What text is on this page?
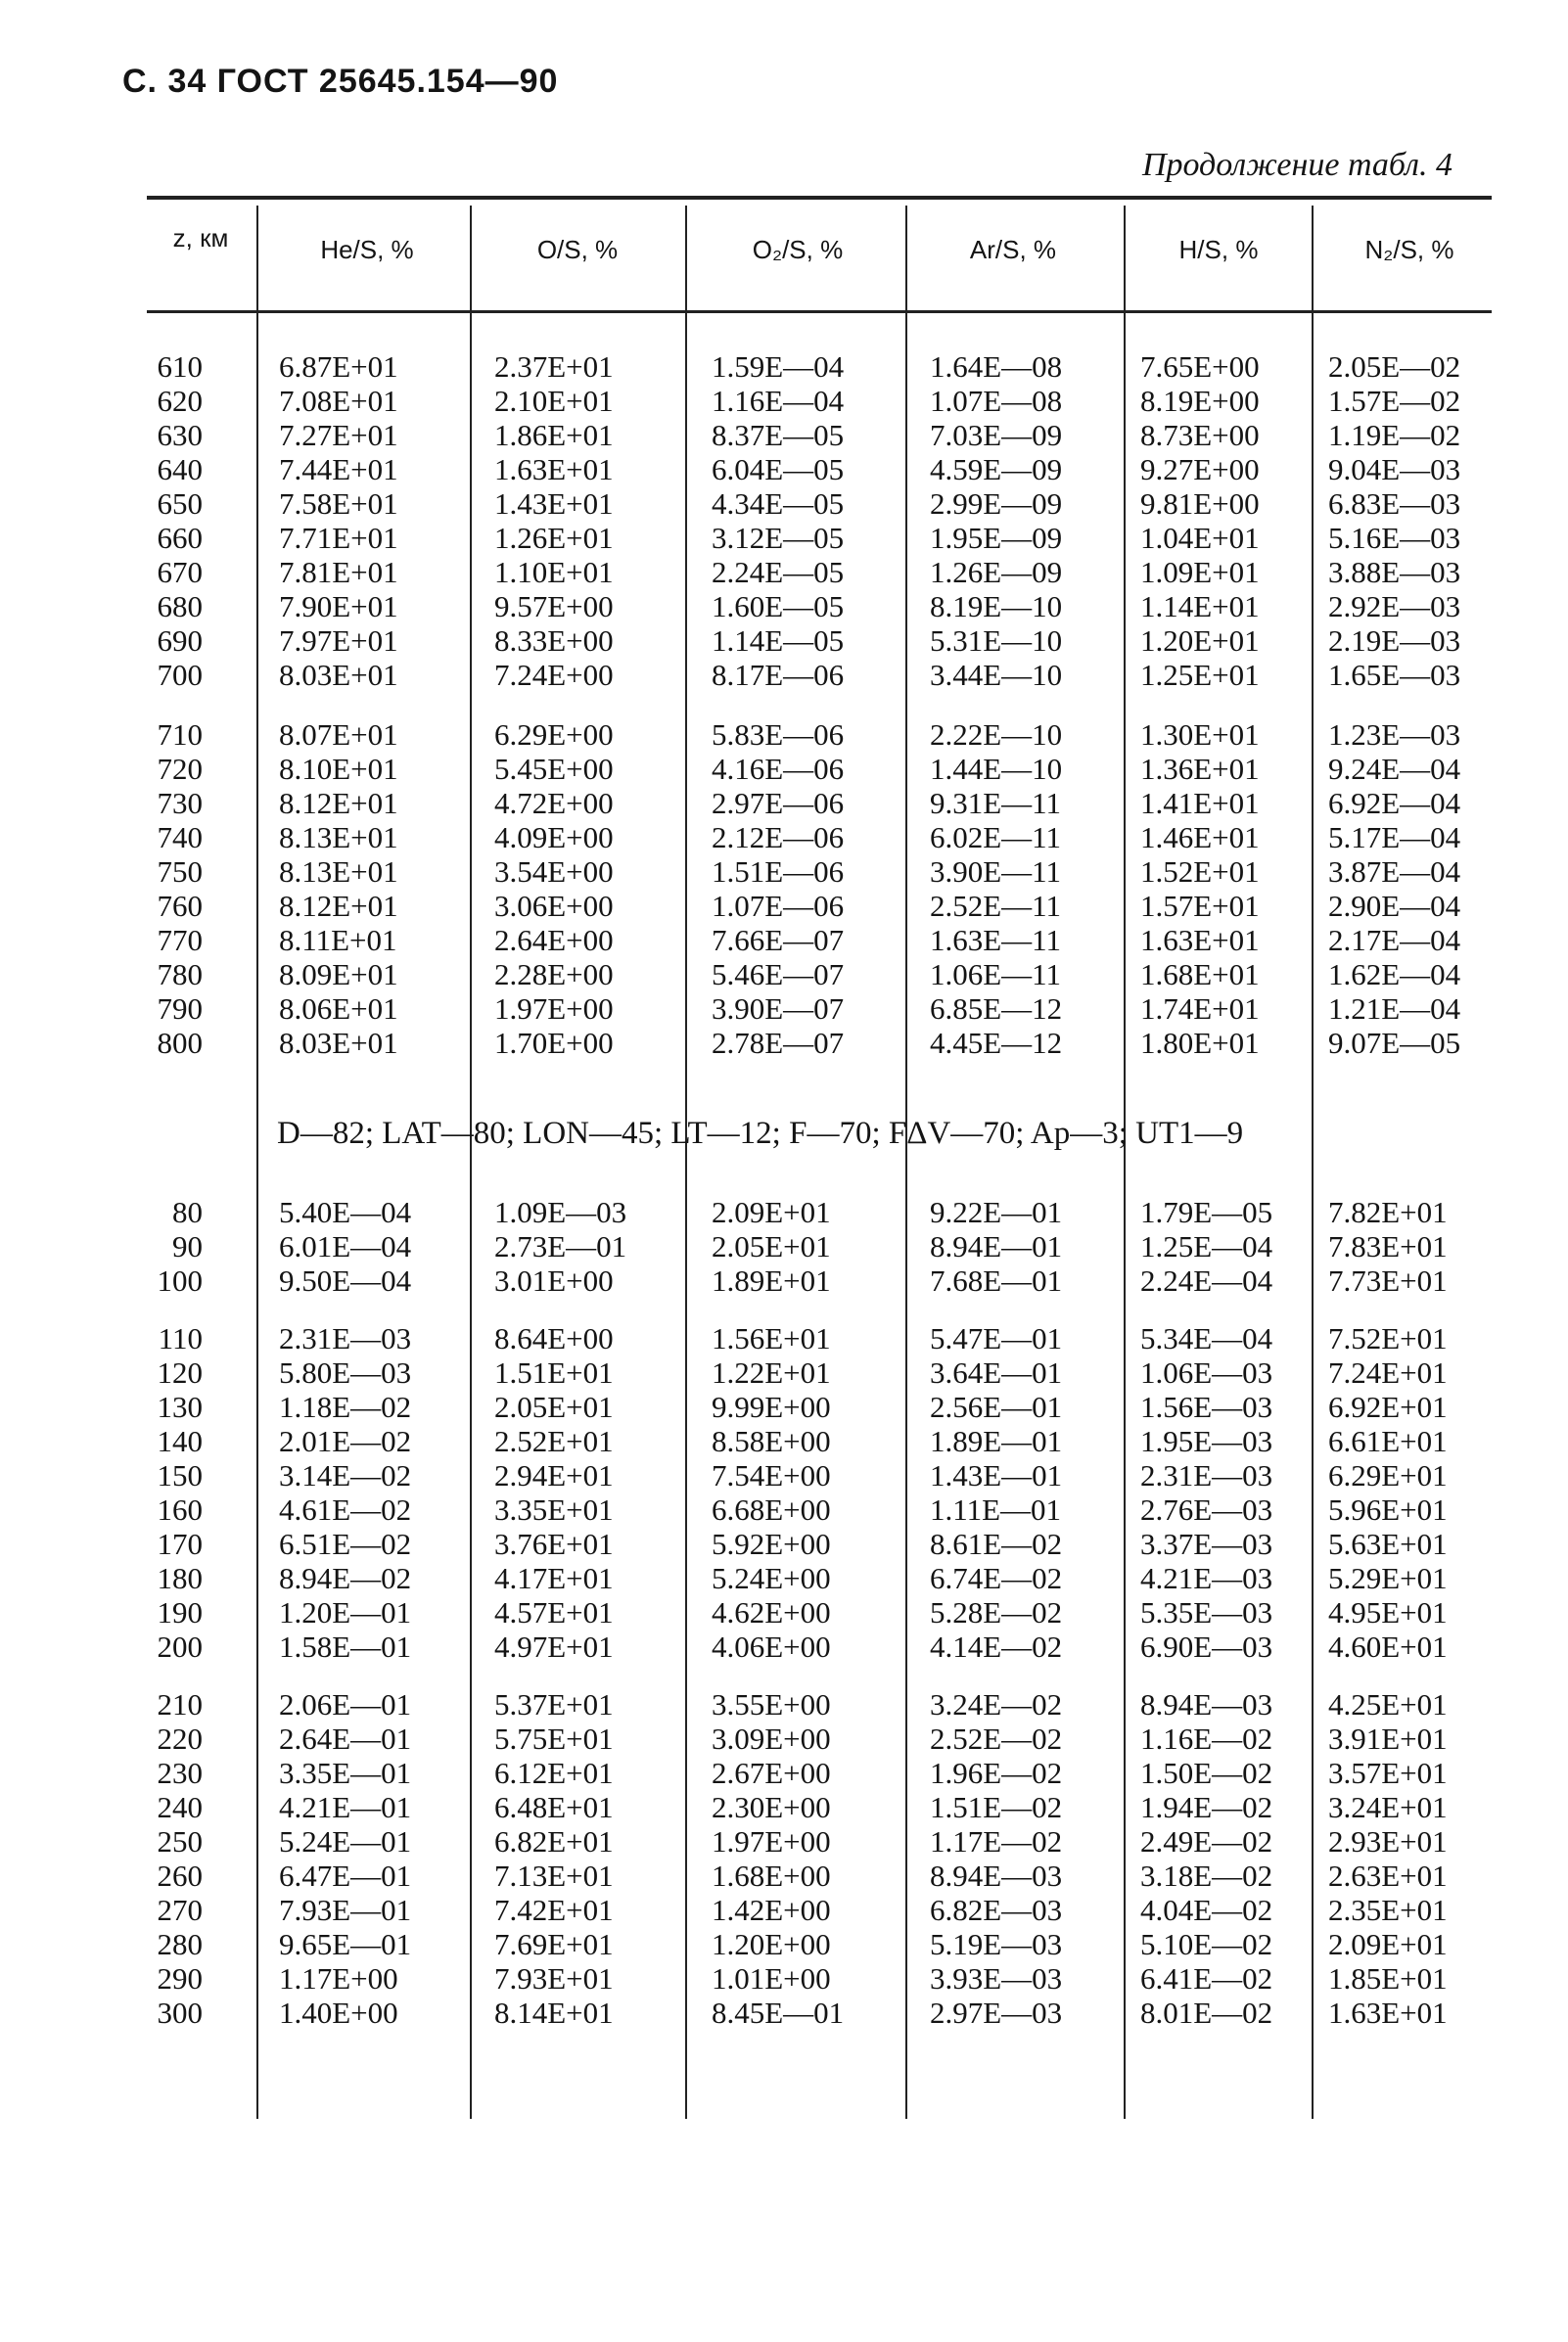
С. 34 ГОСТ 25645.154—90
Продолжение табл. 4
z, км	He/S, %	O/S, %	O₂/S, %	Ar/S, %	H/S, %	N₂/S, %
610	6.87E+01	2.37E+01	1.59E—04	1.64E—08	7.65E+00 2.05E—02
620	7.08E+01	2.10E+01	1.16E—04	1.07E—08	8.19E+00 1.57E—02
630	7.27E+01	1.86E+01	8.37E—05	7.03E—09	8.73E+00 1.19E—02
640	7.44E+01	1.63E+01	6.04E—05	4.59E—09	9.27E+00 9.04E—03
650	7.58E+01	1.43E+01	4.34E—05	2.99E—09	9.81E+00 6.83E—03
660	7.71E+01	1.26E+01	3.12E—05	1.95E—09	1.04E+01 5.16E—03
670	7.81E+01	1.10E+01	2.24E—05	1.26E—09	1.09E+01 3.88E—03
680	7.90E+01	9.57E+00	1.60E—05	8.19E—10	1.14E+01 2.92E—03
690	7.97E+01	8.33E+00	1.14E—05	5.31E—10	1.20E+01 2.19E—03
700	8.03E+01	7.24E+00	8.17E—06	3.44E—10	1.25E+01 1.65E—03
710	8.07E+01	6.29E+00	5.83E—06	2.22E—10	1.30E+01 1.23E—03
720	8.10E+01	5.45E+00	4.16E—06	1.44E—10	1.36E+01 9.24E—04
730	8.12E+01	4.72E+00	2.97E—06	9.31E—11	1.41E+01 6.92E—04
740	8.13E+01	4.09E+00	2.12E—06	6.02E—11	1.46E+01 5.17E—04
750	8.13E+01	3.54E+00	1.51E—06	3.90E—11	1.52E+01 3.87E—04
760	8.12E+01	3.06E+00	1.07E—06	2.52E—11	1.57E+01 2.90E—04
770	8.11E+01	2.64E+00	7.66E—07	1.63E—11	1.63E+01 2.17E—04
780	8.09E+01	2.28E+00	5.46E—07	1.06E—11	1.68E+01 1.62E—04
790	8.06E+01	1.97E+00	3.90E—07	6.85E—12	1.74E+01 1.21E—04
800	8.03E+01	1.70E+00	2.78E—07	4.45E—12	1.80E+01 9.07E—05
D—82; LAT—80; LON—45; LT—12; F—70; FΔV—70; Ap—3; UT1—9
80	5.40E—04	1.09E—03	2.09E+01	9.22E—01	1.79E—05 7.82E+01
90	6.01E—04	2.73E—01	2.05E+01	8.94E—01	1.25E—04 7.83E+01
100	9.50E—04	3.01E+00	1.89E+01	7.68E—01	2.24E—04 7.73E+01
110	2.31E—03	8.64E+00	1.56E+01	5.47E—01	5.34E—04 7.52E+01
120	5.80E—03	1.51E+01	1.22E+01	3.64E—01	1.06E—03 7.24E+01
130	1.18E—02	2.05E+01	9.99E+00	2.56E—01	1.56E—03 6.92E+01
140	2.01E—02	2.52E+01	8.58E+00	1.89E—01	1.95E—03 6.61E+01
150	3.14E—02	2.94E+01	7.54E+00	1.43E—01	2.31E—03 6.29E+01
160	4.61E—02	3.35E+01	6.68E+00	1.11E—01	2.76E—03 5.96E+01
170	6.51E—02	3.76E+01	5.92E+00	8.61E—02	3.37E—03 5.63E+01
180	8.94E—02	4.17E+01	5.24E+00	6.74E—02	4.21E—03 5.29E+01
190	1.20E—01	4.57E+01	4.62E+00	5.28E—02	5.35E—03 4.95E+01
200	1.58E—01	4.97E+01	4.06E+00	4.14E—02	6.90E—03 4.60E+01
210	2.06E—01	5.37E+01	3.55E+00	3.24E—02	8.94E—03 4.25E+01
220	2.64E—01	5.75E+01	3.09E+00	2.52E—02	1.16E—02 3.91E+01
230	3.35E—01	6.12E+01	2.67E+00	1.96E—02	1.50E—02 3.57E+01
240	4.21E—01	6.48E+01	2.30E+00	1.51E—02	1.94E—02 3.24E+01
250	5.24E—01	6.82E+01	1.97E+00	1.17E—02	2.49E—02 2.93E+01
260	6.47E—01	7.13E+01	1.68E+00	8.94E—03	3.18E—02 2.63E+01
270	7.93E—01	7.42E+01	1.42E+00	6.82E—03	4.04E—02 2.35E+01
280	9.65E—01	7.69E+01	1.20E+00	5.19E—03	5.10E—02 2.09E+01
290	1.17E+00	7.93E+01	1.01E+00	3.93E—03	6.41E—02 1.85E+01
300	1.40E+00	8.14E+01	8.45E—01	2.97E—03	8.01E—02 1.63E+01
